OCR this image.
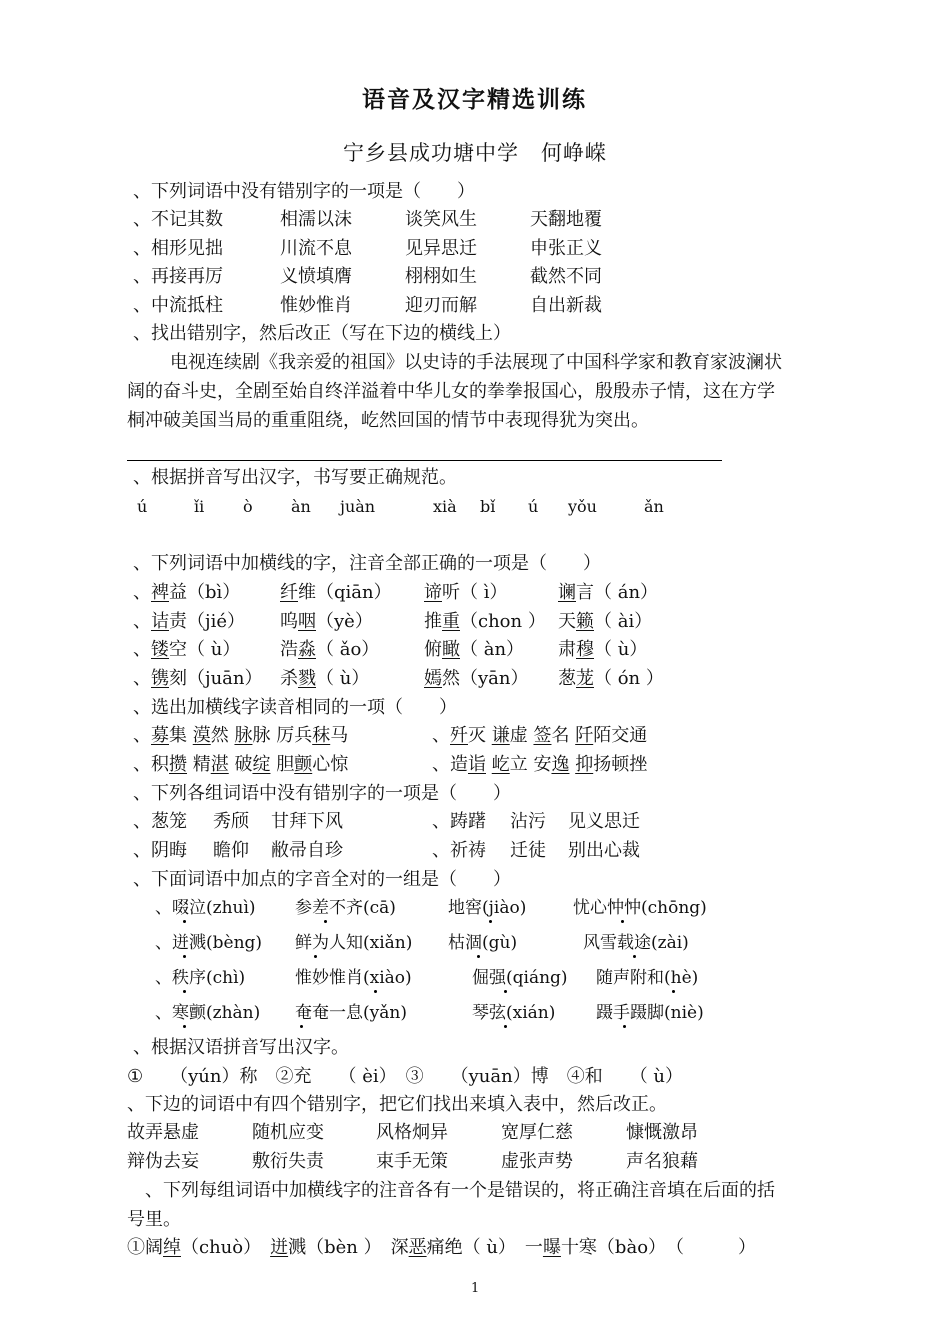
语音及汉字精选训练
宁乡县成功塘中学　何峥嵘
、下列词语中没有错别字的一项是（　　）
、不记其数	相濡以沫	谈笑风生	天翻地覆
、相形见拙	川流不息	见异思迁	申张正义
、再接再厉	义愤填膺	栩栩如生	截然不同
、中流抵柱	惟妙惟肖	迎刃而解	自出新裁
、找出错别字，然后改正（写在下边的横线上）
电视连续剧《我亲爱的祖国》以史诗的手法展现了中国科学家和教育家波澜状
阔的奋斗史，全剧至始自终洋溢着中华儿女的拳拳报国心，殷殷赤子情，这在方学
桐冲破美国当局的重重阻绕，屹然回国的情节中表现得犹为突出。
、根据拼音写出汉字，书写要正确规范。
ú	ǐi ò àn juàn	xià bǐ ú yǒu	ǎn
、下列词语中加横线的字，注音全部正确的一项是（　　）
、裨益（bì） 纤维（qiān） 谛听（ ì）	谰言（ án）
、诘责（jié） 呜咽（yè）	推重（chon ） 天籁（ ài）
、镂空（ ù） 浩淼（ ǎo） 俯瞰（ àn） 肃穆（ ù）
、镌刻（juān） 杀戮（ ù）	嫣然（yān） 葱茏（ ón ）
、选出加横线字读音相同的一项（　　）
、募集 漠然 脉脉 厉兵秣马	、歼灭 谦虚 签名 阡陌交通
、积攒 精湛 破绽 胆颤心惊	、造诣 屹立 安逸 抑扬顿挫
、下列各组词语中没有错别字的一项是（　　）
、葱笼 秀颀 甘拜下风	、踌躇 沾污 见义思迁
、阴晦 瞻仰 敝帚自珍	、祈祷 迁徒 别出心裁
、下面词语中加点的字音全对的一组是（　　）
、啜泣(zhuì) 参差不齐(cā)	地窖(jiào)	忧心忡忡(chōng)
、迸溅(bèng) 鲜为人知(xiǎn) 枯涸(gù)	风雪载途(zài)
、秩序(chì)	惟妙惟肖(xiào)	倔强(qiáng) 随声附和(hè)
、寒颤(zhàn) 奄奄一息(yǎn)	琴弦(xián) 蹑手蹑脚(niè)
、根据汉语拼音写出汉字。
①　　（yún）称　②充　　（ èi）　③　　（yuān）博　④和　　（ ù）
、下边的词语中有四个错别字，把它们找出来填入表中，然后改正。
故弄悬虚	随机应变	风格炯异	宽厚仁慈	慷慨激昂
辩伪去妄	敷衍失责	束手无策	虚张声势	声名狼藉
、下列每组词语中加横线字的注音各有一个是错误的，将正确注音填在后面的括
号里。
①阔绰（chuò）　 迸溅（bèn ）　深恶痛绝（ ù）　一曝十寒（bào）　（　　　）
1
